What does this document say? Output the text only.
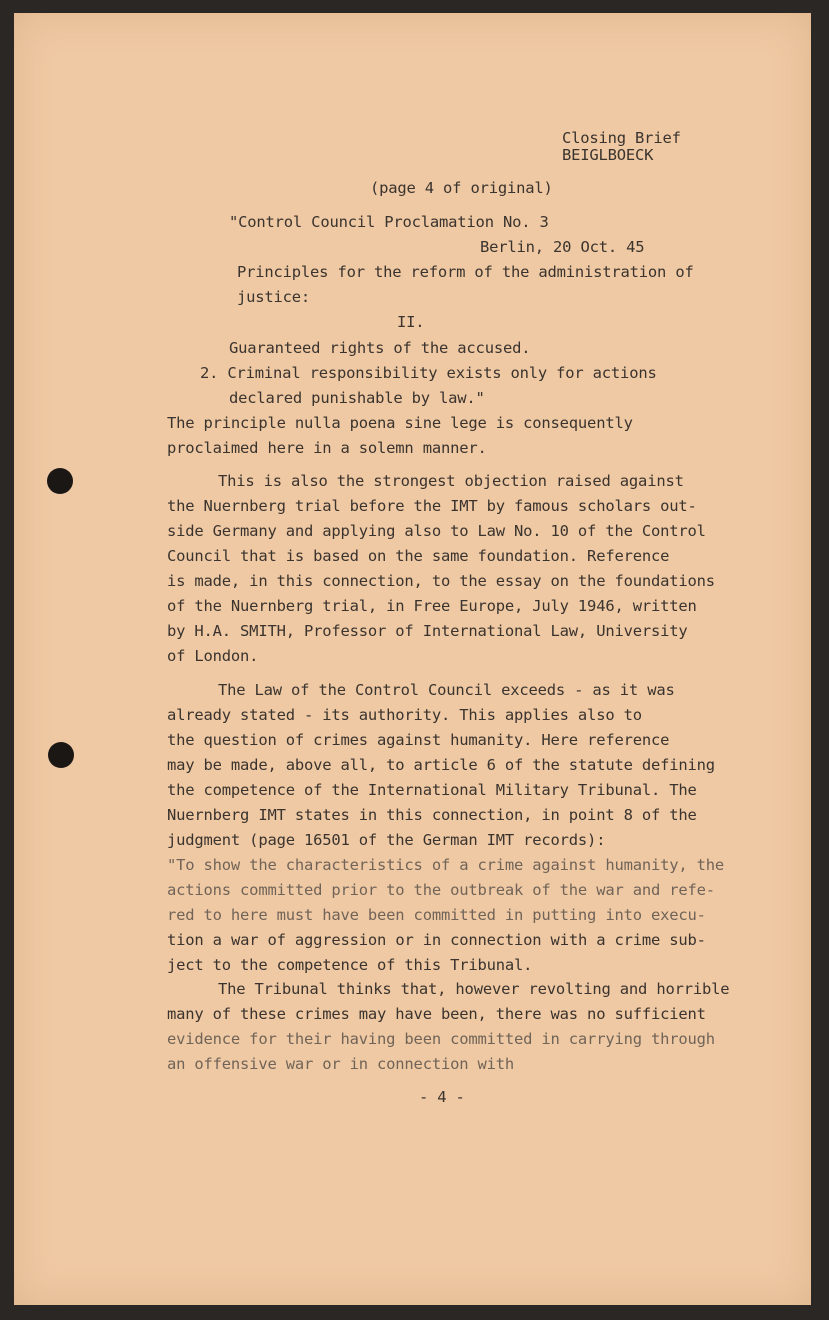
Closing Brief
BEIGLBOECK
(page 4 of original)
"Control Council Proclamation No. 3
Berlin, 20 Oct. 45
Principles for the reform of the administration of
justice:
II.
Guaranteed rights of the accused.
2. Criminal responsibility exists only for actions
declared punishable by law."
The principle nulla poena sine lege is consequently
proclaimed here in a solemn manner.
This is also the strongest objection raised against
the Nuernberg trial before the IMT by famous scholars out-
side Germany and applying also to Law No. 10 of the Control
Council that is based on the same foundation. Reference
is made, in this connection, to the essay on the foundations
of the Nuernberg trial, in Free Europe, July 1946, written
by H.A. SMITH, Professor of International Law, University
of London.
The Law of the Control Council exceeds - as it was
already stated - its authority. This applies also to
the question of crimes against humanity. Here reference
may be made, above all, to article 6 of the statute defining
the competence of the International Military Tribunal. The
Nuernberg IMT states in this connection, in point 8 of the
judgment (page 16501 of the German IMT records):
"To show the characteristics of a crime against humanity, the
actions committed prior to the outbreak of the war and refe-
red to here must have been committed in putting into execu-
tion a war of aggression or in connection with a crime sub-
ject to the competence of this Tribunal.
The Tribunal thinks that, however revolting and horrible
many of these crimes may have been, there was no sufficient
evidence for their having been committed in carrying through
an offensive war or in connection with
- 4 -
